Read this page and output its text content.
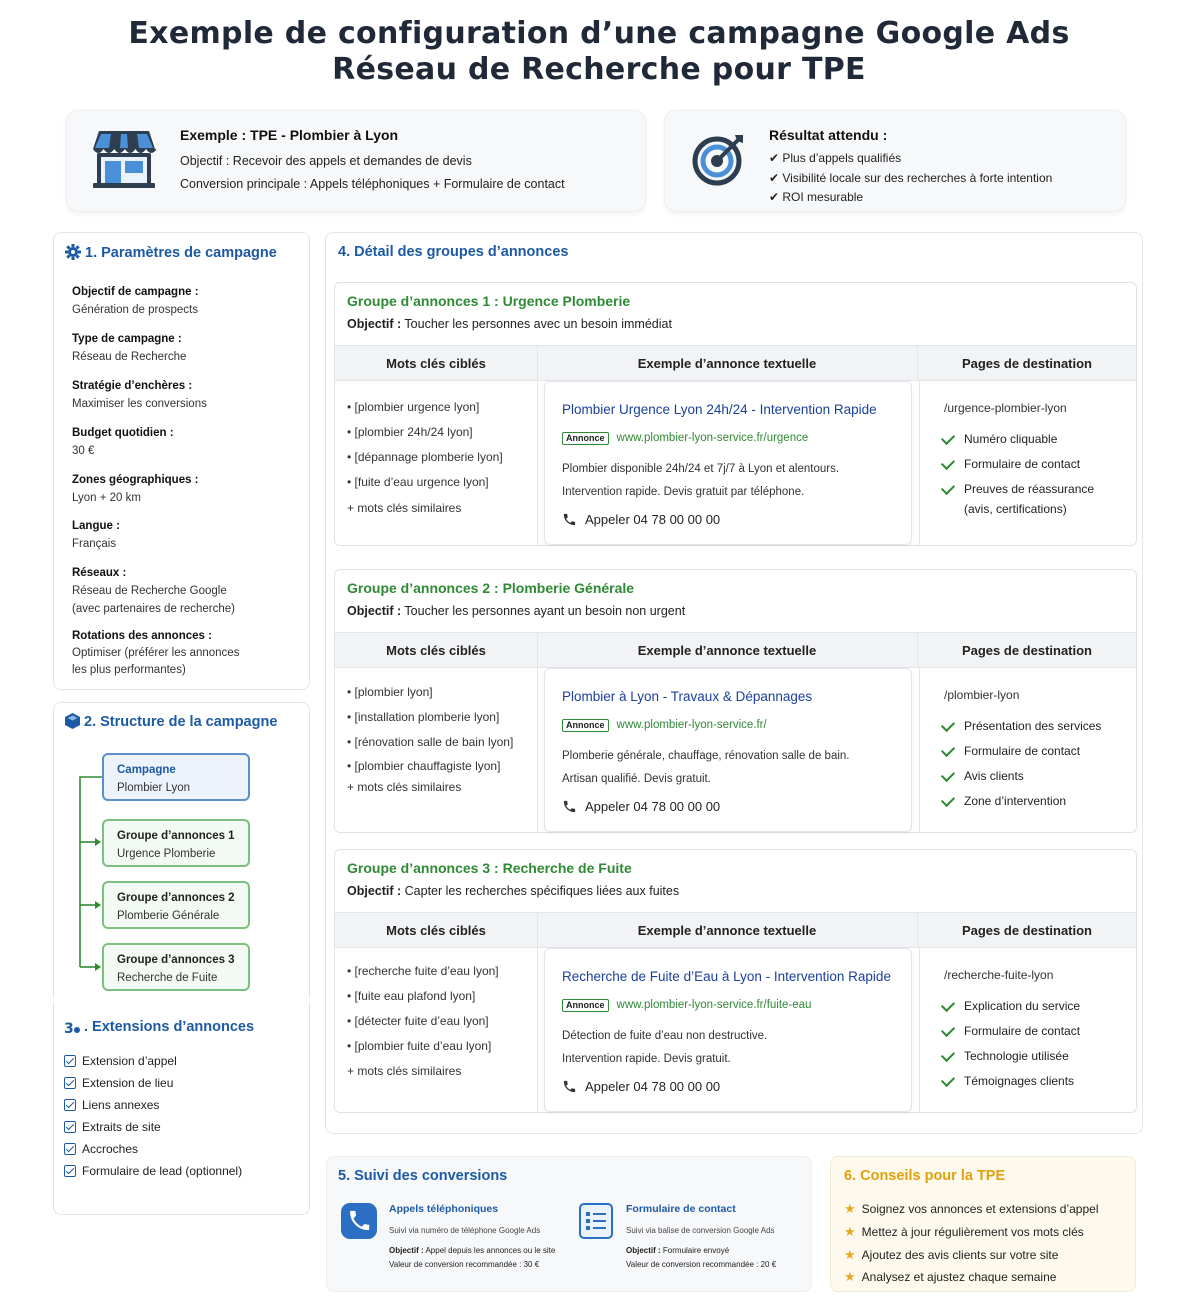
Exemple de configuration d’une campagne Google Ads
Réseau de Recherche pour TPE
Exemple : TPE - Plombier à Lyon
Objectif : Recevoir des appels et demandes de devis
Conversion principale : Appels téléphoniques + Formulaire de contact
Résultat attendu :
✔ Plus d’appels qualifiés
✔ Visibilité locale sur des recherches à forte intention
✔ ROI mesurable
1. Paramètres de campagne
Objectif de campagne :
Génération de prospects
Type de campagne :
Réseau de Recherche
Stratégie d’enchères :
Maximiser les conversions
Budget quotidien :
30 €
Zones géographiques :
Lyon + 20 km
Langue :
Français
Réseaux :
Réseau de Recherche Google
(avec partenaires de recherche)
Rotations des annonces :
Optimiser (préférer les annonces
les plus performantes)
2. Structure de la campagne
Campagne
Plombier Lyon
Groupe d’annonces 1
Urgence Plomberie
Groupe d’annonces 2
Plomberie Générale
Groupe d’annonces 3
Recherche de Fuite
3 . Extensions d’annonces
Extension d’appel
Extension de lieu
Liens annexes
Extraits de site
Accroches
Formulaire de lead (optionnel)
4. Détail des groupes d’annonces
Groupe d’annonces 1 : Urgence Plomberie
Objectif : Toucher les personnes avec un besoin immédiat
Mots clés ciblés	Exemple d’annonce textuelle	Pages de destination
• [plombier urgence lyon]
• [plombier 24h/24 lyon]
• [dépannage plomberie lyon]
• [fuite d’eau urgence lyon]
+ mots clés similaires
Plombier Urgence Lyon 24h/24 - Intervention Rapide
Annonce www.plombier-lyon-service.fr/urgence
Plombier disponible 24h/24 et 7j/7 à Lyon et alentours.
Intervention rapide. Devis gratuit par téléphone.
Appeler 04 78 00 00 00
/urgence-plombier-lyon
Numéro cliquable
Formulaire de contact
Preuves de réassurance
(avis, certifications)
Groupe d’annonces 2 : Plomberie Générale
Objectif : Toucher les personnes ayant un besoin non urgent
Mots clés ciblés	Exemple d’annonce textuelle	Pages de destination
• [plombier lyon]
• [installation plomberie lyon]
• [rénovation salle de bain lyon]
• [plombier chauffagiste lyon]
+ mots clés similaires
Plombier à Lyon - Travaux & Dépannages
Annonce www.plombier-lyon-service.fr/
Plomberie générale, chauffage, rénovation salle de bain.
Artisan qualifié. Devis gratuit.
Appeler 04 78 00 00 00
/plombier-lyon
Présentation des services
Formulaire de contact
Avis clients
Zone d’intervention
Groupe d’annonces 3 : Recherche de Fuite
Objectif : Capter les recherches spécifiques liées aux fuites
Mots clés ciblés	Exemple d’annonce textuelle	Pages de destination
• [recherche fuite d’eau lyon]
• [fuite eau plafond lyon]
• [détecter fuite d’eau lyon]
• [plombier fuite d’eau lyon]
+ mots clés similaires
Recherche de Fuite d’Eau à Lyon - Intervention Rapide
Annonce www.plombier-lyon-service.fr/fuite-eau
Détection de fuite d’eau non destructive.
Intervention rapide. Devis gratuit.
Appeler 04 78 00 00 00
/recherche-fuite-lyon
Explication du service
Formulaire de contact
Technologie utilisée
Témoignages clients
5. Suivi des conversions
Appels téléphoniques
Suivi via numéro de téléphone Google Ads
Objectif : Appel depuis les annonces ou le site
Valeur de conversion recommandée : 30 €
Formulaire de contact
Suivi via balise de conversion Google Ads
Objectif : Formulaire envoyé
Valeur de conversion recommandée : 20 €
6. Conseils pour la TPE
★ Soignez vos annonces et extensions d’appel
★ Mettez à jour régulièrement vos mots clés
★ Ajoutez des avis clients sur votre site
★ Analysez et ajustez chaque semaine
